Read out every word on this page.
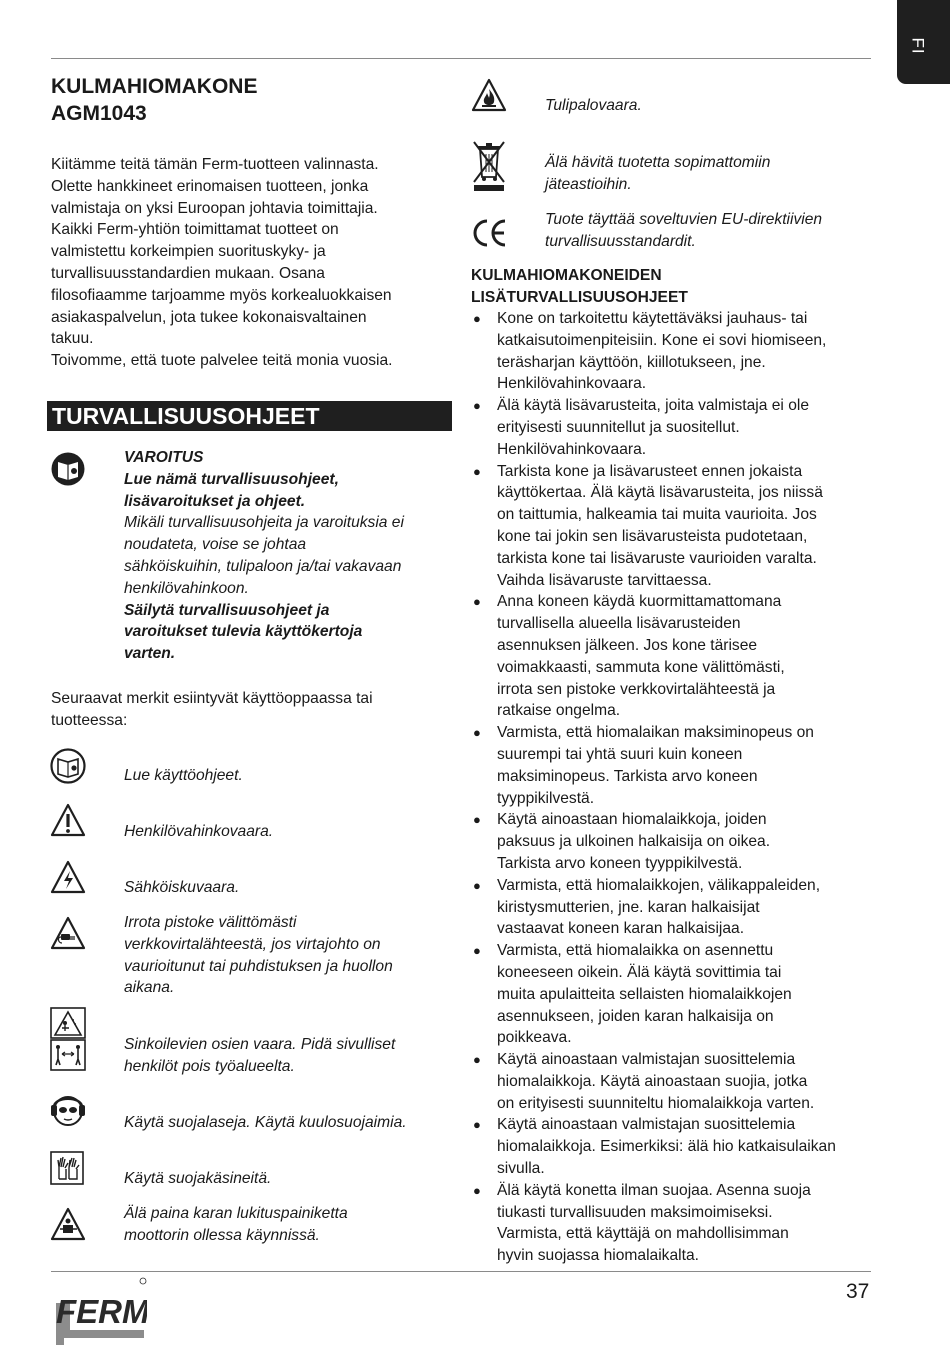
FI
KULMAHIOMAKONE
AGM1043

Kiitämme teitä tämän Ferm-tuotteen valinnasta.

Olette hankkineet erinomaisen tuotteen, jonka

valmistaja on yksi Euroopan johtavia toimittajia.

Kaikki Ferm-yhtiön toimittamat tuotteet on

valmistettu korkeimpien suorituskyky- ja

turvallisuusstandardien mukaan. Osana

filosofiaamme tarjoamme myös korkealuokkaisen

asiakaspalvelun, jota tukee kokonaisvaltainen

takuu.

Toivomme, että tuote palvelee teitä monia vuosia.

TURVALLISUUSOHJEET
VAROITUS
Lue nämä turvallisuusohjeet,
lisävaroitukset ja ohjeet.
Mikäli turvallisuusohjeita ja varoituksia ei
noudateta, voise se johtaa
sähköiskuihin, tulipaloon ja/tai vakavaan
henkilövahinkoon.
Säilytä turvallisuusohjeet ja
varoitukset tulevia käyttökertoja
varten.
Seuraavat merkit esiintyvät käyttöoppaassa tai
tuotteessa:
Lue käyttöohjeet.
Henkilövahinkovaara.
Sähköiskuvaara.
Irrota pistoke välittömästi
verkkovirtalähteestä, jos virtajohto on
vaurioitunut tai puhdistuksen ja huollon
aikana.
Sinkoilevien osien vaara. Pidä sivulliset
henkilöt pois työalueelta.
Käytä suojalaseja. Käytä kuulosuojaimia.
Käytä suojakäsineitä.
Älä paina karan lukituspainiketta
moottorin ollessa käynnissä.
Tulipalovaara.
Älä hävitä tuotetta sopimattomiin
jäteastioihin.
Tuote täyttää soveltuvien EU-direktiivien
turvallisuusstandardit.
KULMAHIOMAKONEIDEN
LISÄTURVALLISUUSOHJEET
● Kone on tarkoitettu käytettäväksi jauhaus- tai
katkaisutoimenpiteisiin. Kone ei sovi hiomiseen,
teräsharjan käyttöön, kiillotukseen, jne.
Henkilövahinkovaara.
● Älä käytä lisävarusteita, joita valmistaja ei ole
erityisesti suunnitellut ja suositellut.
Henkilövahinkovaara.
● Tarkista kone ja lisävarusteet ennen jokaista
käyttökertaa. Älä käytä lisävarusteita, jos niissä
on taittumia, halkeamia tai muita vaurioita. Jos
kone tai jokin sen lisävarusteista pudotetaan,
tarkista kone tai lisävaruste vaurioiden varalta.
Vaihda lisävaruste tarvittaessa.
● Anna koneen käydä kuormittamattomana
turvallisella alueella lisävarusteiden
asennuksen jälkeen. Jos kone tärisee
voimakkaasti, sammuta kone välittömästi,
irrota sen pistoke verkkovirtalähteestä ja
ratkaise ongelma.
● Varmista, että hiomalaikan maksiminopeus on
suurempi tai yhtä suuri kuin koneen
maksiminopeus. Tarkista arvo koneen
tyyppikilvestä.
● Käytä ainoastaan hiomalaikkoja, joiden
paksuus ja ulkoinen halkaisija on oikea.
Tarkista arvo koneen tyyppikilvestä.
● Varmista, että hiomalaikkojen, välikappaleiden,
kiristysmutterien, jne. karan halkaisijat
vastaavat koneen karan halkaisijaa.
● Varmista, että hiomalaikka on asennettu
koneeseen oikein. Älä käytä sovittimia tai
muita apulaitteita sellaisten hiomalaikkojen
asennukseen, joiden karan halkaisija on
poikkeava.
● Käytä ainoastaan valmistajan suosittelemia
hiomalaikkoja. Käytä ainoastaan suojia, jotka
on erityisesti suunniteltu hiomalaikkoja varten.
● Käytä ainoastaan valmistajan suosittelemia
hiomalaikkoja. Esimerkiksi: älä hio katkaisulaikan
sivulla.
● Älä käytä konetta ilman suojaa. Asenna suoja
tiukasti turvallisuuden maksimoimiseksi.
Varmista, että käyttäjä on mahdollisimman
hyvin suojassa hiomalaikalta.
FERM
37
